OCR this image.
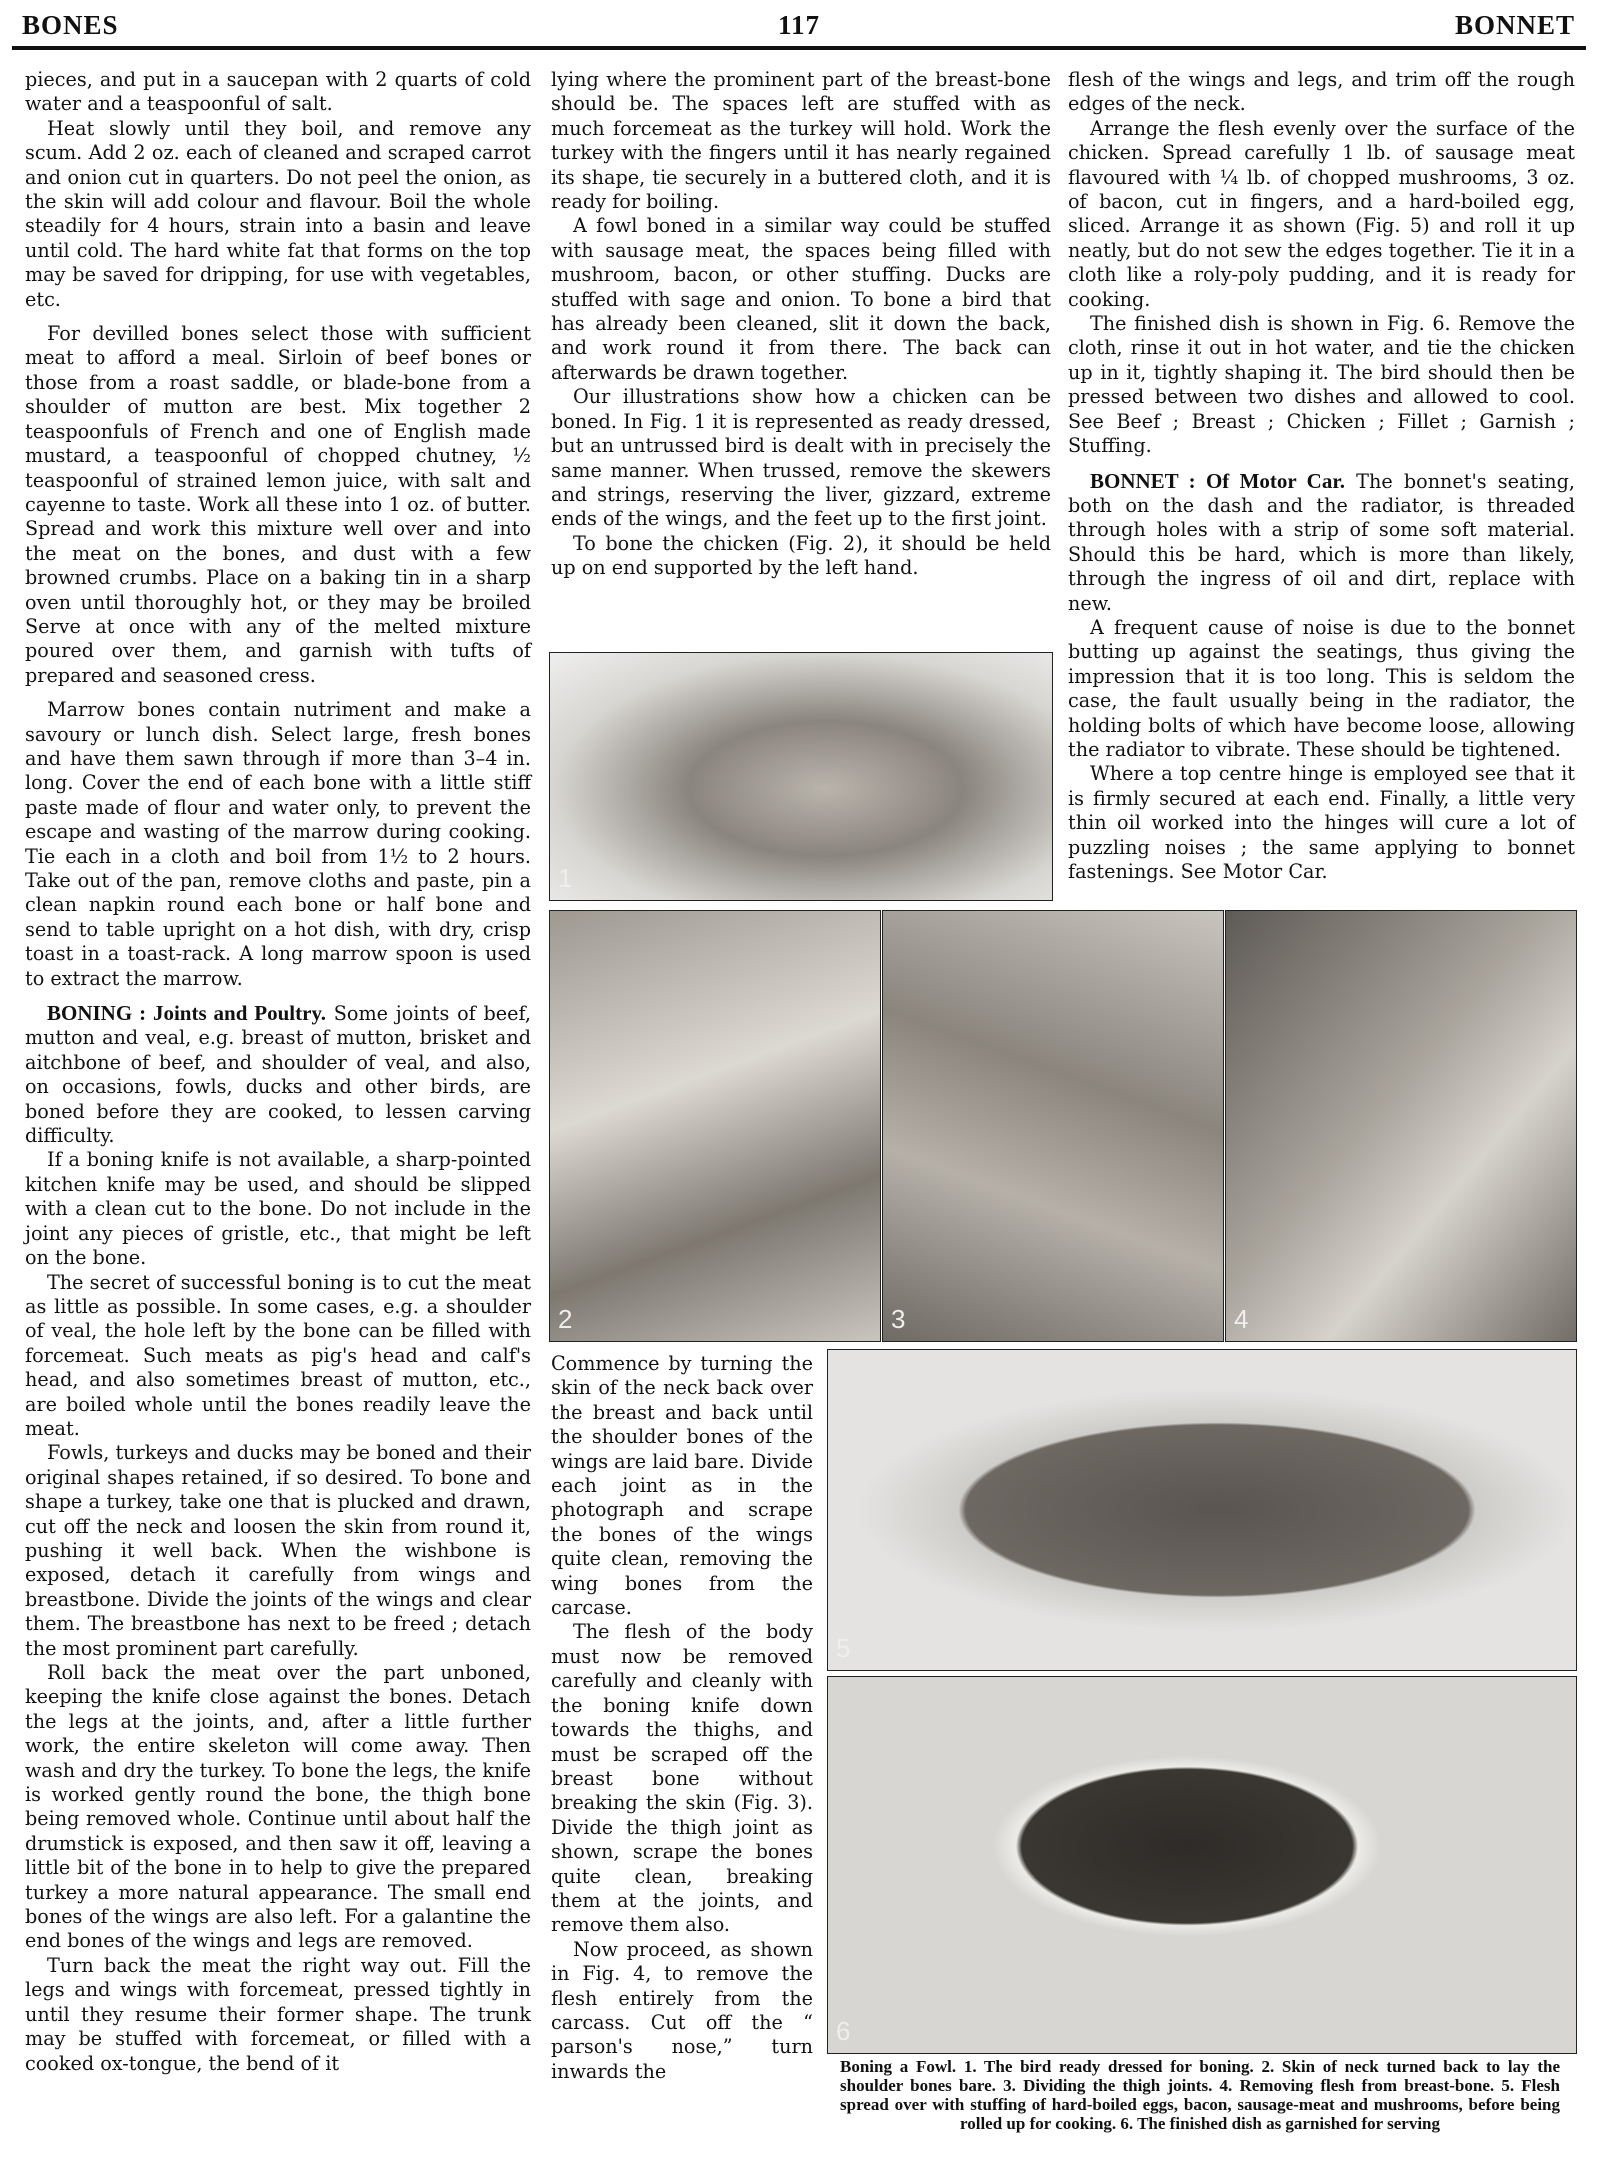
BONES	117	BONNET

pieces, and put in a saucepan with 2 quarts of cold water and a teaspoonful of salt.

Heat slowly until they boil, and remove any scum. Add 2 oz. each of cleaned and scraped carrot and onion cut in quarters. Do not peel the onion, as the skin will add colour and flavour. Boil the whole steadily for 4 hours, strain into a basin and leave until cold. The hard white fat that forms on the top may be saved for dripping, for use with vegetables, etc.

For devilled bones select those with sufficient meat to afford a meal. Sirloin of beef bones or those from a roast saddle, or blade-bone from a shoulder of mutton are best. Mix together 2 teaspoonfuls of French and one of English made mustard, a teaspoonful of chopped chutney, ½ teaspoonful of strained lemon juice, with salt and cayenne to taste. Work all these into 1 oz. of butter. Spread and work this mixture well over and into the meat on the bones, and dust with a few browned crumbs. Place on a baking tin in a sharp oven until thoroughly hot, or they may be broiled Serve at once with any of the melted mixture poured over them, and garnish with tufts of prepared and seasoned cress.

Marrow bones contain nutriment and make a savoury or lunch dish. Select large, fresh bones and have them sawn through if more than 3–4 in. long. Cover the end of each bone with a little stiff paste made of flour and water only, to prevent the escape and wasting of the marrow during cooking. Tie each in a cloth and boil from 1½ to 2 hours. Take out of the pan, remove cloths and paste, pin a clean napkin round each bone or half bone and send to table upright on a hot dish, with dry, crisp toast in a toast-rack. A long marrow spoon is used to extract the marrow.

BONING : Joints and Poultry. Some joints of beef, mutton and veal, e.g. breast of mutton, brisket and aitchbone of beef, and shoulder of veal, and also, on occasions, fowls, ducks and other birds, are boned before they are cooked, to lessen carving difficulty.

If a boning knife is not available, a sharp-pointed kitchen knife may be used, and should be slipped with a clean cut to the bone. Do not include in the joint any pieces of gristle, etc., that might be left on the bone.

The secret of successful boning is to cut the meat as little as possible. In some cases, e.g. a shoulder of veal, the hole left by the bone can be filled with forcemeat. Such meats as pig's head and calf's head, and also sometimes breast of mutton, etc., are boiled whole until the bones readily leave the meat.

Fowls, turkeys and ducks may be boned and their original shapes retained, if so desired. To bone and shape a turkey, take one that is plucked and drawn, cut off the neck and loosen the skin from round it, pushing it well back. When the wishbone is exposed, detach it carefully from wings and breastbone. Divide the joints of the wings and clear them. The breastbone has next to be freed ; detach the most prominent part carefully.

Roll back the meat over the part unboned, keeping the knife close against the bones. Detach the legs at the joints, and, after a little further work, the entire skeleton will come away. Then wash and dry the turkey. To bone the legs, the knife is worked gently round the bone, the thigh bone being removed whole. Continue until about half the drumstick is exposed, and then saw it off, leaving a little bit of the bone in to help to give the prepared turkey a more natural appearance. The small end bones of the wings are also left. For a galantine the end bones of the wings and legs are removed.

Turn back the meat the right way out. Fill the legs and wings with forcemeat, pressed tightly in until they resume their former shape. The trunk may be stuffed with forcemeat, or filled with a cooked ox-tongue, the bend of it

lying where the prominent part of the breast-bone should be. The spaces left are stuffed with as much forcemeat as the turkey will hold. Work the turkey with the fingers until it has nearly regained its shape, tie securely in a buttered cloth, and it is ready for boiling.

A fowl boned in a similar way could be stuffed with sausage meat, the spaces being filled with mushroom, bacon, or other stuffing. Ducks are stuffed with sage and onion. To bone a bird that has already been cleaned, slit it down the back, and work round it from there. The back can afterwards be drawn together.

Our illustrations show how a chicken can be boned. In Fig. 1 it is represented as ready dressed, but an untrussed bird is dealt with in precisely the same manner. When trussed, remove the skewers and strings, reserving the liver, gizzard, extreme ends of the wings, and the feet up to the first joint.

To bone the chicken (Fig. 2), it should be held up on end supported by the left hand.

Commence by turning the skin of the neck back over the breast and back until the shoulder bones of the wings are laid bare. Divide each joint as in the photograph and scrape the bones of the wings quite clean, removing the wing bones from the carcase.

The flesh of the body must now be removed carefully and cleanly with the boning knife down towards the thighs, and must be scraped off the breast bone without breaking the skin (Fig. 3). Divide the thigh joint as shown, scrape the bones quite clean, breaking them at the joints, and remove them also.

Now proceed, as shown in Fig. 4, to remove the flesh entirely from the carcass. Cut off the “ parson's nose,” turn inwards the

flesh of the wings and legs, and trim off the rough edges of the neck.

Arrange the flesh evenly over the surface of the chicken. Spread carefully 1 lb. of sausage meat flavoured with ¼ lb. of chopped mushrooms, 3 oz. of bacon, cut in fingers, and a hard-boiled egg, sliced. Arrange it as shown (Fig. 5) and roll it up neatly, but do not sew the edges together. Tie it in a cloth like a roly-poly pudding, and it is ready for cooking.

The finished dish is shown in Fig. 6. Remove the cloth, rinse it out in hot water, and tie the chicken up in it, tightly shaping it. The bird should then be pressed between two dishes and allowed to cool. See Beef ; Breast ; Chicken ; Fillet ; Garnish ; Stuffing.

BONNET : Of Motor Car. The bonnet's seating, both on the dash and the radiator, is threaded through holes with a strip of some soft material. Should this be hard, which is more than likely, through the ingress of oil and dirt, replace with new.

A frequent cause of noise is due to the bonnet butting up against the seatings, thus giving the impression that it is too long. This is seldom the case, the fault usually being in the radiator, the holding bolts of which have become loose, allowing the radiator to vibrate. These should be tightened.

Where a top centre hinge is employed see that it is firmly secured at each end. Finally, a little very thin oil worked into the hinges will cure a lot of puzzling noises ; the same applying to bonnet fastenings. See Motor Car.

1
2	3	4
5
6
Boning a Fowl. 1. The bird ready dressed for boning. 2. Skin of neck turned back to lay the shoulder bones bare. 3. Dividing the thigh joints. 4. Removing flesh from breast-bone. 5. Flesh spread over with stuffing of hard-boiled eggs, bacon, sausage-meat and mushrooms, before being rolled up for cooking. 6. The finished dish as garnished for serving
